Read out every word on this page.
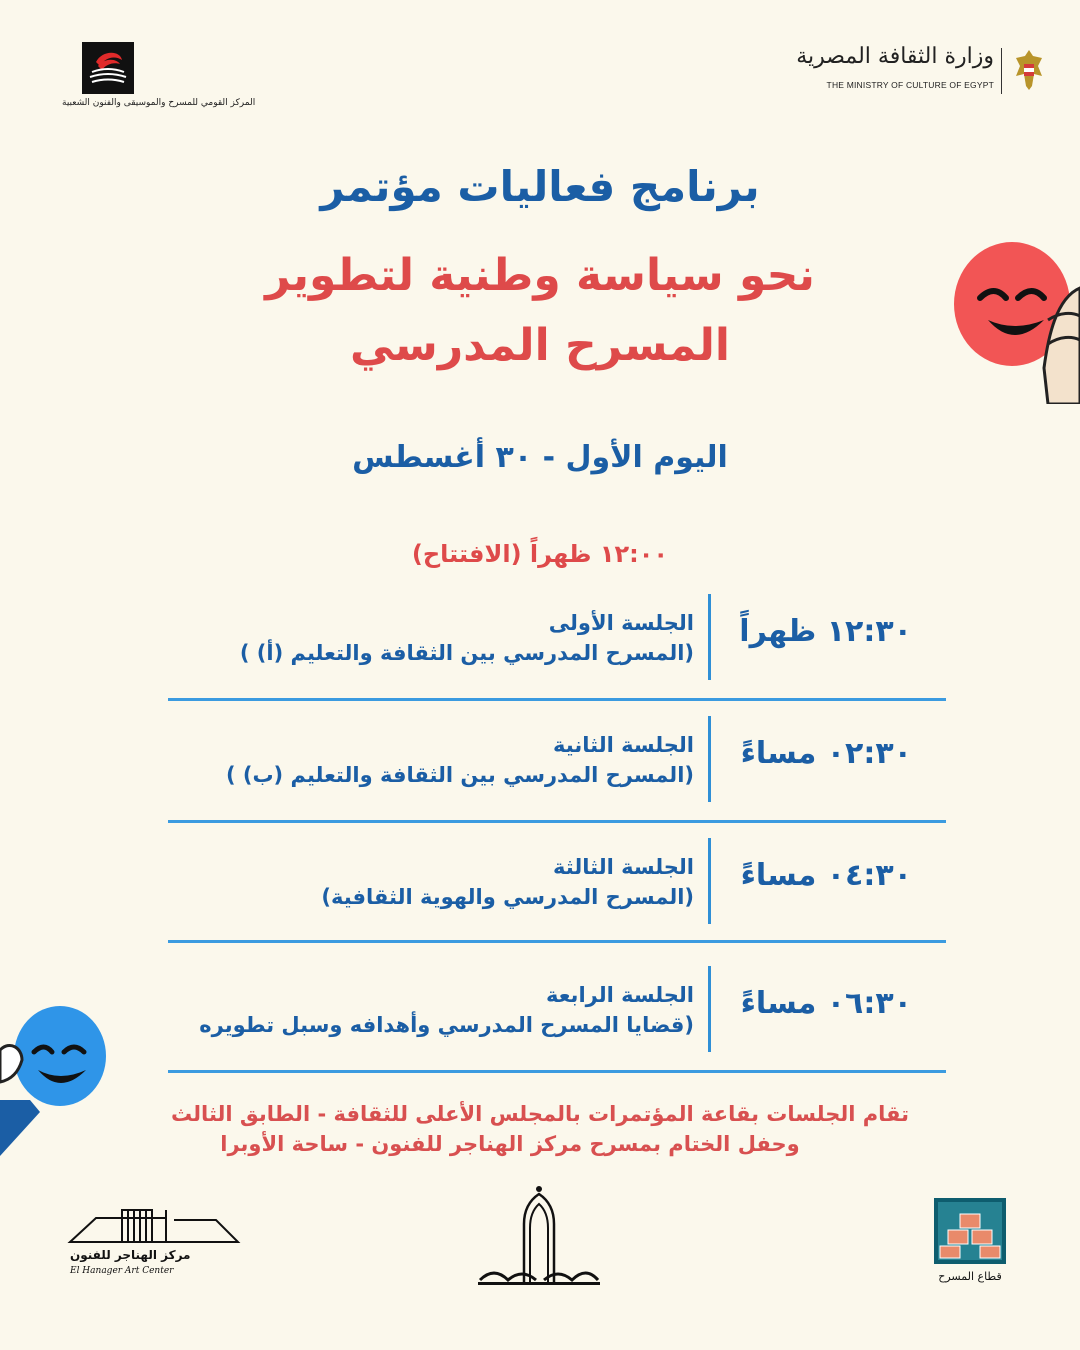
المركز القومي للمسرح والموسيقى والفنون الشعبية
وزارة الثقافة المصرية
THE MINISTRY OF CULTURE OF EGYPT
برنامج فعاليات مؤتمر
نحو سياسة وطنية لتطوير
المسرح المدرسي
اليوم الأول - ٣٠ أغسطس
١٢:٠٠ ظهراً (الافتتاح)
١٢:٣٠ ظهراً
الجلسة الأولى
(المسرح المدرسي بين الثقافة والتعليم (أ) )
٠٢:٣٠ مساءً
الجلسة الثانية
(المسرح المدرسي بين الثقافة والتعليم (ب) )
٠٤:٣٠ مساءً
الجلسة الثالثة
(المسرح المدرسي والهوية الثقافية)
٠٦:٣٠ مساءً
الجلسة الرابعة
(قضايا المسرح المدرسي وأهدافه وسبل تطويره
تقام الجلسات بقاعة المؤتمرات بالمجلس الأعلى للثقافة - الطابق الثالث
وحفل الختام بمسرح مركز الهناجر للفنون - ساحة الأوبرا
مركز الهناجر للفنون
El Hanager Art Center	قطاع المسرح
